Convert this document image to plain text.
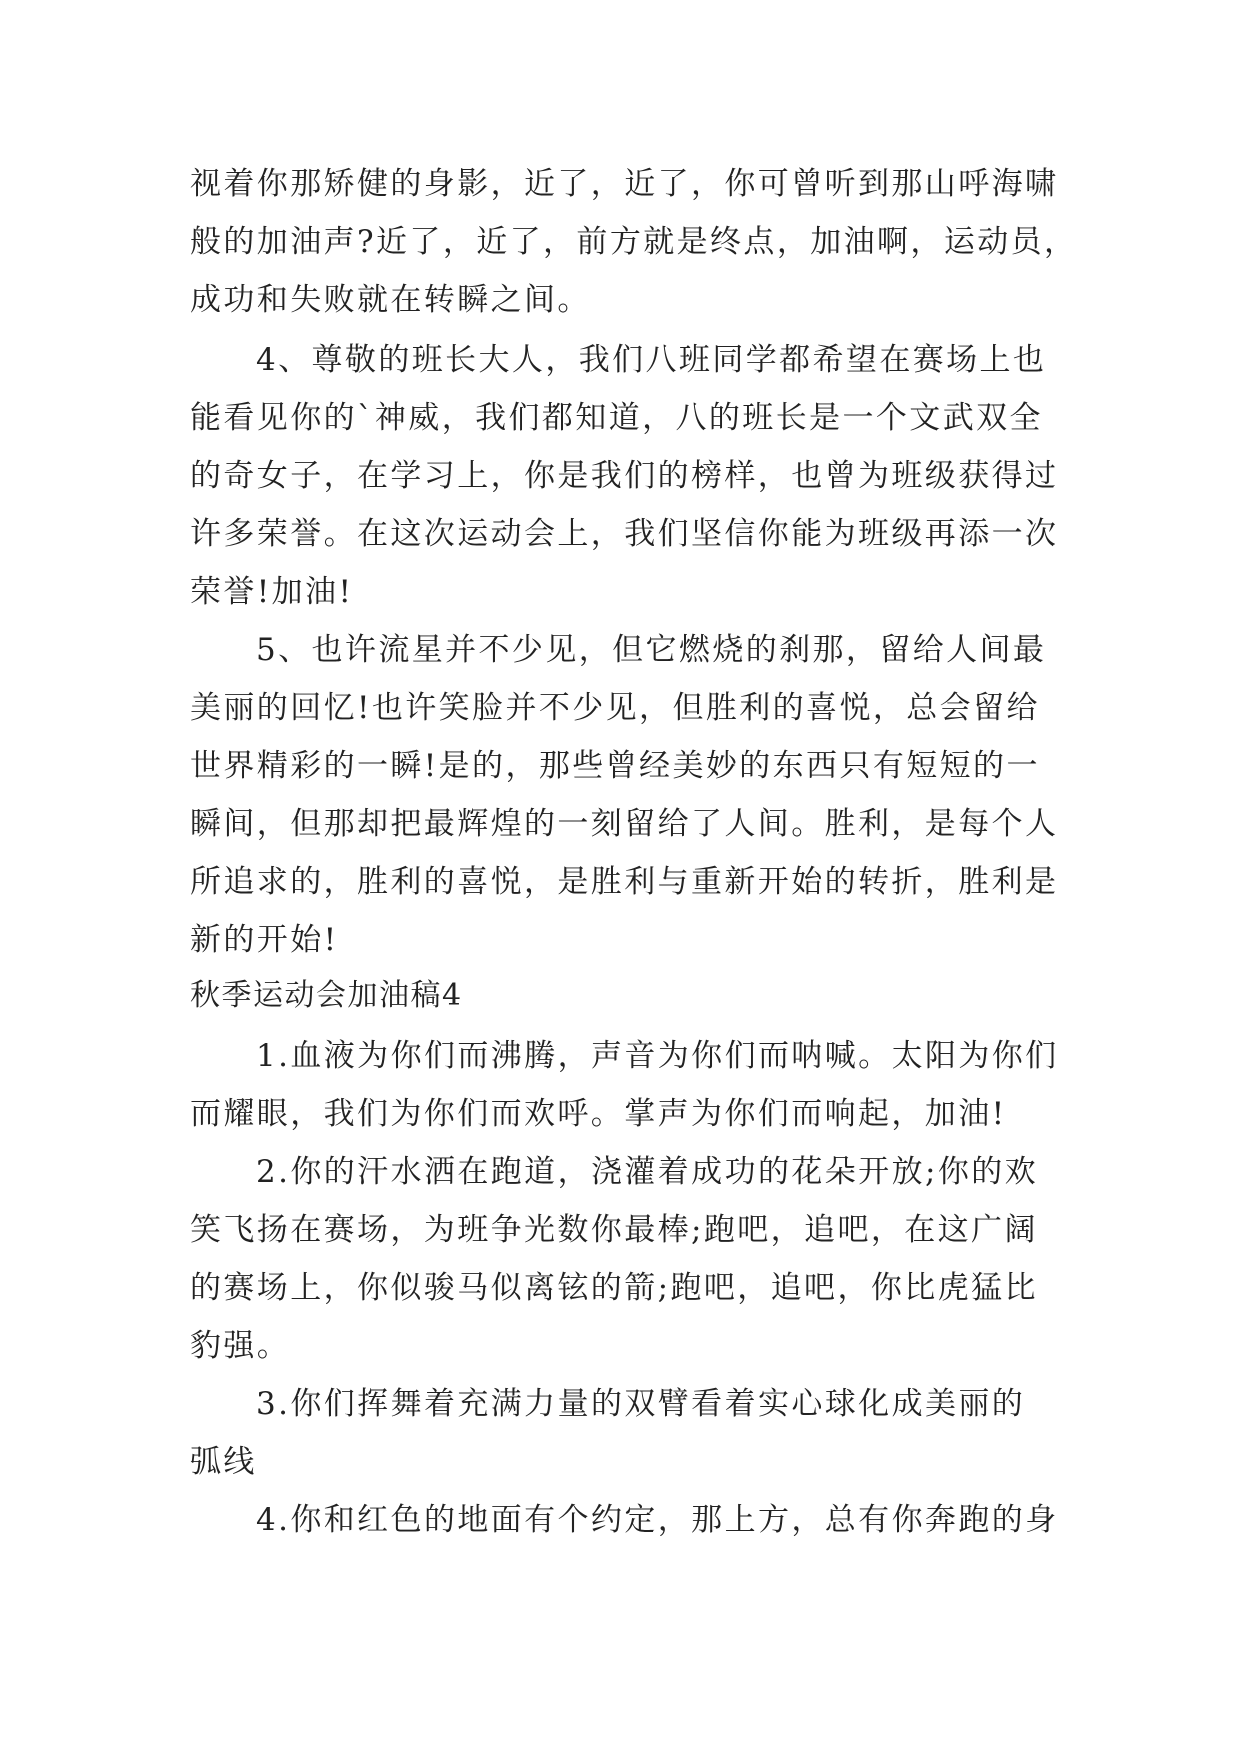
视着你那矫健的身影，近了，近了，你可曾听到那山呼海啸
般的加油声?近了，近了，前方就是终点，加油啊，运动员，
成功和失败就在转瞬之间。
4、尊敬的班长大人，我们八班同学都希望在赛场上也
能看见你的`神威，我们都知道，八的班长是一个文武双全
的奇女子，在学习上，你是我们的榜样，也曾为班级获得过
许多荣誉。在这次运动会上，我们坚信你能为班级再添一次
荣誉!加油!
5、也许流星并不少见，但它燃烧的刹那，留给人间最
美丽的回忆!也许笑脸并不少见，但胜利的喜悦，总会留给
世界精彩的一瞬!是的，那些曾经美妙的东西只有短短的一
瞬间，但那却把最辉煌的一刻留给了人间。胜利，是每个人
所追求的，胜利的喜悦，是胜利与重新开始的转折，胜利是
新的开始!
秋季运动会加油稿4
1.血液为你们而沸腾，声音为你们而呐喊。太阳为你们
而耀眼，我们为你们而欢呼。掌声为你们而响起，加油!
2.你的汗水洒在跑道，浇灌着成功的花朵开放;你的欢
笑飞扬在赛场，为班争光数你最棒;跑吧，追吧，在这广阔
的赛场上，你似骏马似离铉的箭;跑吧，追吧，你比虎猛比
豹强。
3.你们挥舞着充满力量的双臂看着实心球化成美丽的
弧线
4.你和红色的地面有个约定，那上方，总有你奔跑的身
